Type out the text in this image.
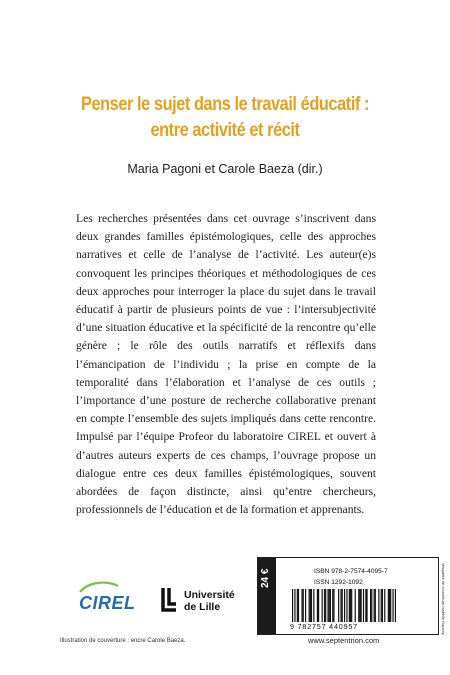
Penser le sujet dans le travail éducatif :
entre activité et récit
Maria Pagoni et Carole Baeza (dir.)
Les recherches présentées dans cet ouvrage s’inscrivent dans deux grandes familles épistémologiques, celle des approches narratives et celle de l’analyse de l’activité. Les auteur(e)s convoquent les principes théoriques et méthodologiques de ces deux approches pour interroger la place du sujet dans le travail éducatif à partir de plusieurs points de vue : l’intersubjectivité d’une situation éducative et la spécificité de la rencontre qu’elle génère ; le rôle des outils narratifs et réflexifs dans l’émancipation de l’individu ; la prise en compte de la temporalité dans l’élaboration et l’analyse de ces outils ; l’importance d’une posture de recherche collaborative prenant en compte l’ensemble des sujets impliqués dans cette rencontre. Impulsé par l’équipe Profeor du laboratoire CIREL et ouvert à d’autres auteurs experts de ces champs, l’ouvrage propose un dialogue entre ces deux familles épistémologiques, souvent abordées de façon distincte, ainsi qu’entre chercheurs, professionnels de l’éducation et de la formation et apprenants.
CIREL	Université
de Lille
24 €	ISBN 978-2-7574-4095-7
ISSN 1292-1092
9 782757 440957	Maquette de couverture Isabelle Dauchy
Illustration de couverture : encre Carole Baeza.	www.septentrion.com
